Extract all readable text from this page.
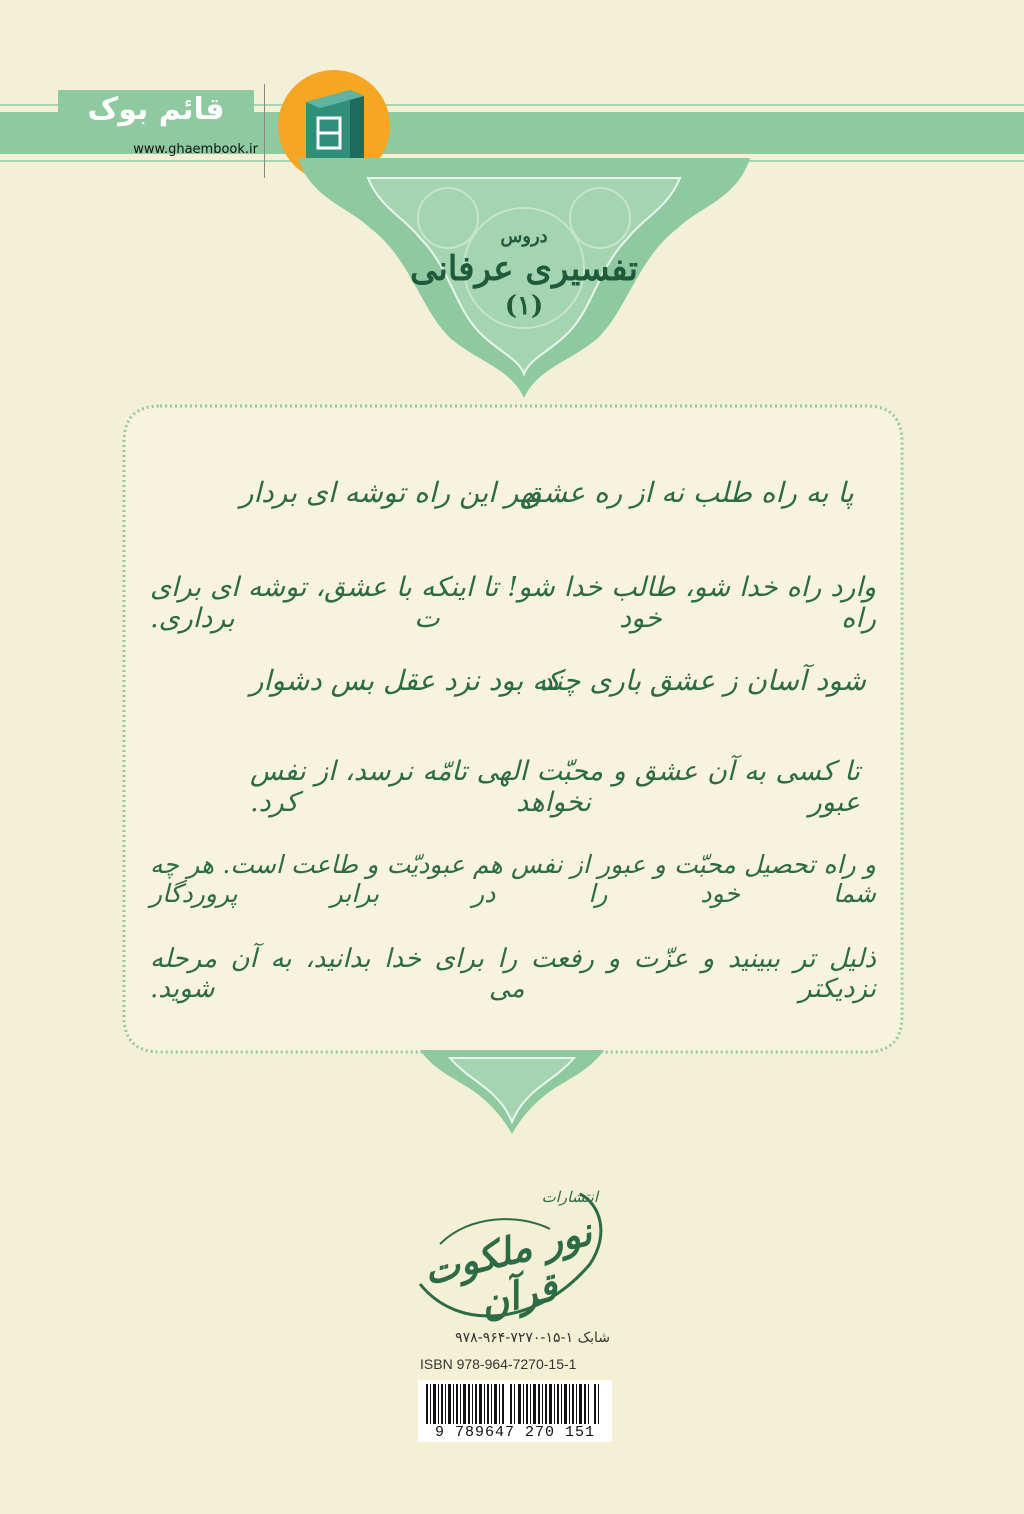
قائم بوک
www.ghaembook.ir
دروس
تفسیری عرفانی
(۱)
پا به راه طلب نه از ره عشق
بهر این راه توشه ای بردار
وارد راه خدا شو، طالب خدا شو! تا اینکه با عشق، توشه ای برای راه خود ت برداری.
شود آسان ز عشق باری چند
که بود نزد عقل بس دشوار
تا کسی به آن عشق و محبّت الهی تامّه نرسد، از نفس عبور نخواهد کرد.
و راه تحصیل محبّت و عبور از نفس هم عبودیّت و طاعت است. هر چه شما خود را در برابر پروردگار
ذلیل تر ببینید و عزّت و رفعت را برای خدا بدانید، به آن مرحله نزدیکتر می شوید.
انتشارات
نور ملکوت قرآن
شابک ۱-۱۵-۷۲۷۰-۹۶۴-۹۷۸
ISBN 978-964-7270-15-1
9 789647 270 151
